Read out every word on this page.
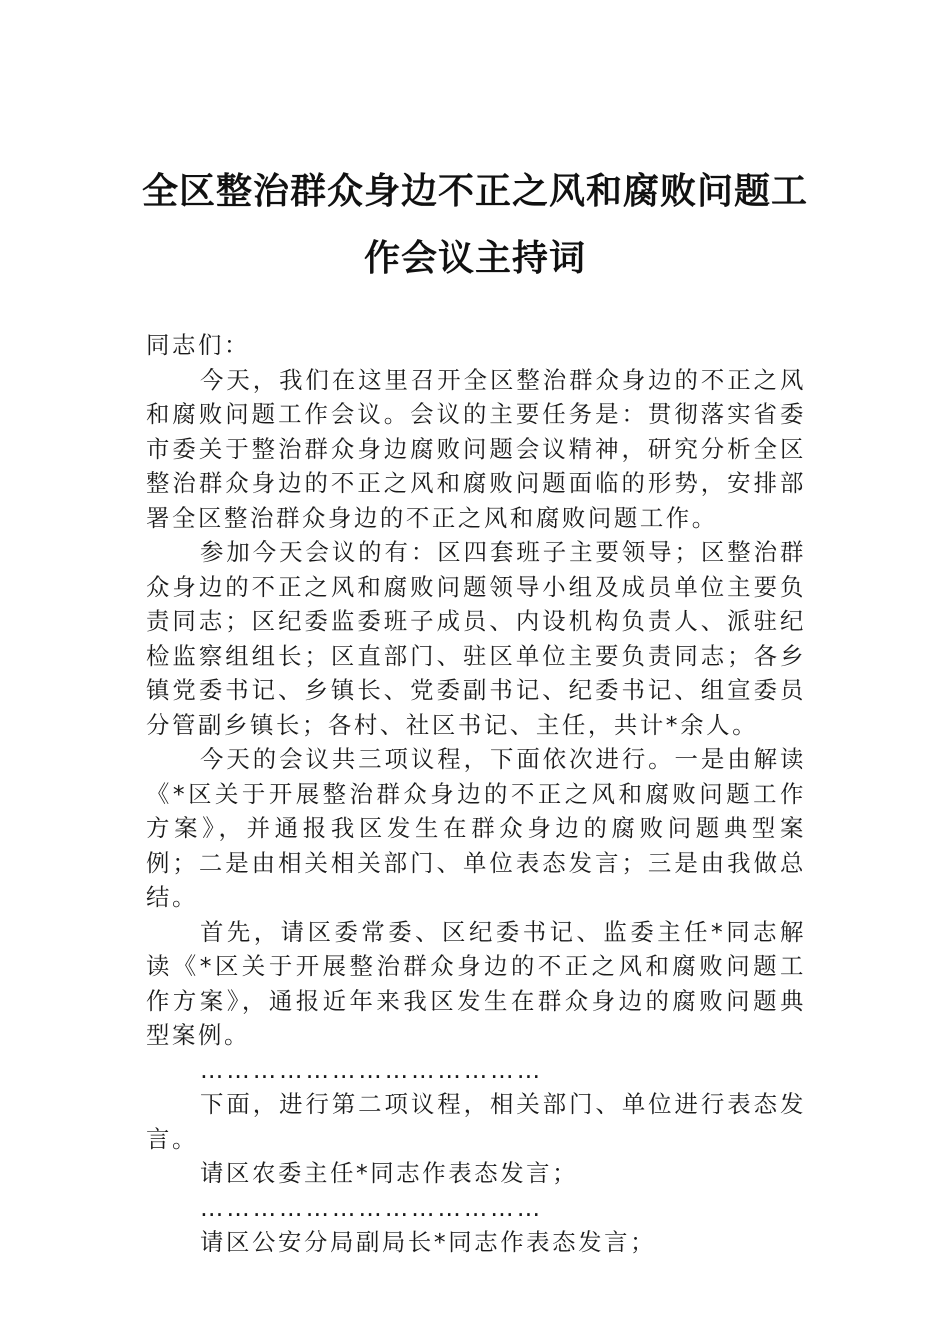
全区整治群众身边不正之风和腐败问题工
作会议主持词

同志们：

今天，我们在这里召开全区整治群众身边的不正之风和腐败问题工作会议。会议的主要任务是：贯彻落实省委市委关于整治群众身边腐败问题会议精神，研究分析全区整治群众身边的不正之风和腐败问题面临的形势，安排部署全区整治群众身边的不正之风和腐败问题工作。

参加今天会议的有：区四套班子主要领导；区整治群众身边的不正之风和腐败问题领导小组及成员单位主要负责同志；区纪委监委班子成员、内设机构负责人、派驻纪检监察组组长；区直部门、驻区单位主要负责同志；各乡镇党委书记、乡镇长、党委副书记、纪委书记、组宣委员分管副乡镇长；各村、社区书记、主任，共计*余人。

今天的会议共三项议程，下面依次进行。一是由解读《*区关于开展整治群众身边的不正之风和腐败问题工作方案》，并通报我区发生在群众身边的腐败问题典型案例；二是由相关相关部门、单位表态发言；三是由我做总结。

首先，请区委常委、区纪委书记、监委主任*同志解读《*区关于开展整治群众身边的不正之风和腐败问题工作方案》，通报近年来我区发生在群众身边的腐败问题典型案例。

…………………………………

下面，进行第二项议程，相关部门、单位进行表态发言。

请区农委主任*同志作表态发言；

…………………………………

请区公安分局副局长*同志作表态发言；
